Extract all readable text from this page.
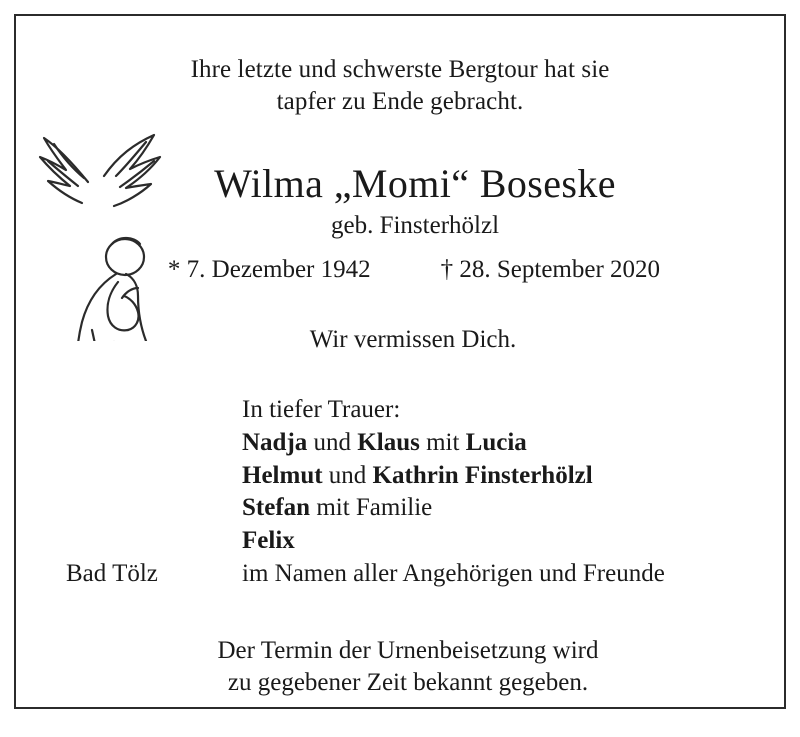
Ihre letzte und schwerste Bergtour hat sie
tapfer zu Ende gebracht.
Wilma „Momi“ Boseske
geb. Finsterhölzl
* 7. Dezember 1942	† 28. September 2020
Wir vermissen Dich.
In tiefer Trauer:
Nadja und Klaus mit Lucia
Helmut und Kathrin Finsterhölzl
Stefan mit Familie
Felix
Bad Tölz	im Namen aller Angehörigen und Freunde
Der Termin der Urnenbeisetzung wird
zu gegebener Zeit bekannt gegeben.
